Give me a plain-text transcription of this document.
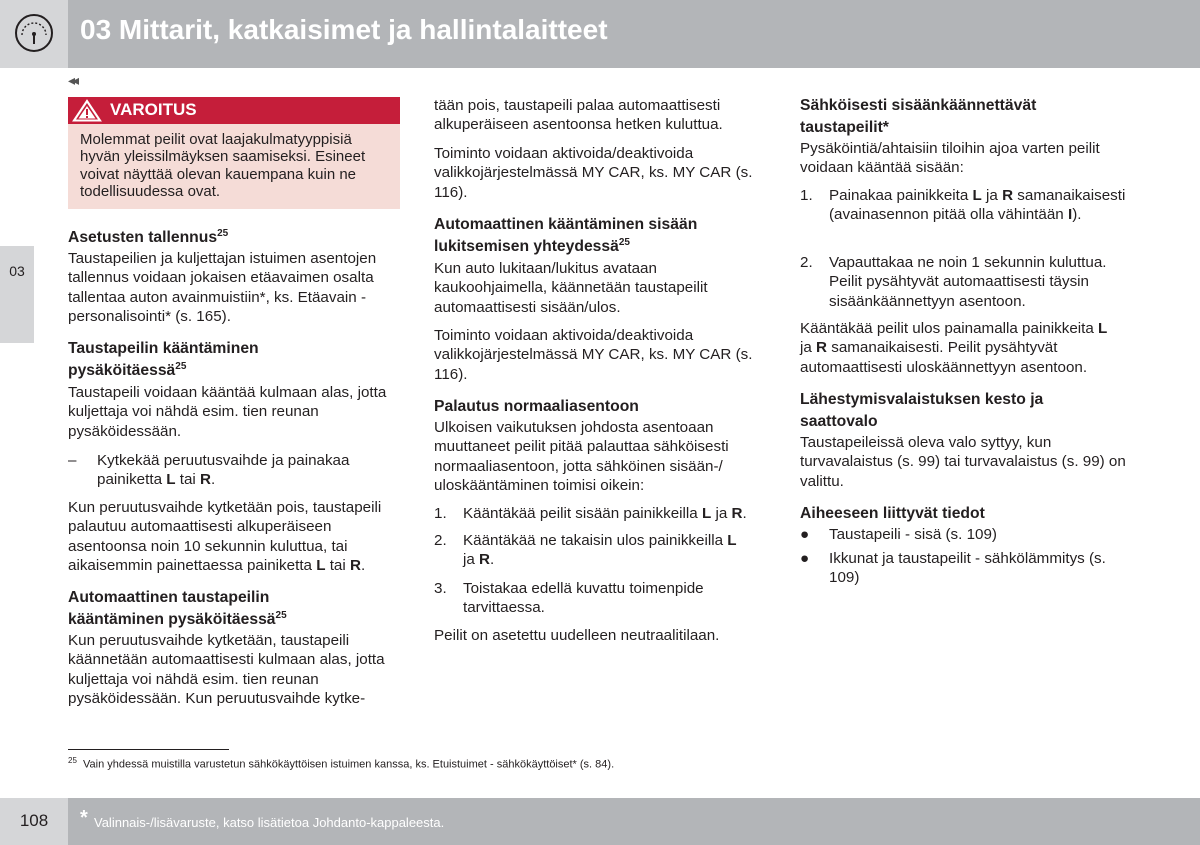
03 Mittarit, katkaisimet ja hallintalaitteet
03
◂◂
VAROITUS
Molemmat peilit ovat laajakulmatyyppisiä hyvän yleissilmäyksen saamiseksi. Esineet voivat näyttää olevan kauempana kuin ne todellisuudessa ovat.
Asetusten tallennus$^{25}$

Taustapeilien ja kuljettajan istuimen asentojen tallennus voidaan jokaisen etäavaimen osalta tallentaa auton avainmuistiin*, ks. Etäavain - personalisointi* (s. 165).

Taustapeilin kääntäminen
pysäköitäessä$^{25}$

Taustapeili voidaan kääntää kulmaan alas, jotta kuljettaja voi nähdä esim. tien reunan pysäköidessään.

– Kytkekää peruutusvaihde ja painakaa painiketta L tai R.

Kun peruutusvaihde kytketään pois, taustapeili palautuu automaattisesti alkuperäiseen asentoonsa noin 10 sekunnin kuluttua, tai aikaisemmin painettaessa painiketta L tai R.

Automaattinen taustapeilin
kääntäminen pysäköitäessä$^{25}$

Kun peruutusvaihde kytketään, taustapeili käännetään automaattisesti kulmaan alas, jotta kuljettaja voi nähdä esim. tien reunan pysäköidessään. Kun peruutusvaihde kytke-

tään pois, taustapeili palaa automaattisesti alkuperäiseen asentoonsa hetken kuluttua.

Toiminto voidaan aktivoida/deaktivoida valikkojärjestelmässä MY CAR, ks. MY CAR (s. 116).

Automaattinen kääntäminen sisään
lukitsemisen yhteydessä$^{25}$

Kun auto lukitaan/lukitus avataan kaukoohjaimella, käännetään taustapeilit automaattisesti sisään/ulos.

Toiminto voidaan aktivoida/deaktivoida valikkojärjestelmässä MY CAR, ks. MY CAR (s. 116).

Palautus normaaliasentoon

Ulkoisen vaikutuksen johdosta asentoaan muuttaneet peilit pitää palauttaa sähköisesti normaaliasentoon, jotta sähköinen sisään-/ uloskääntäminen toimisi oikein:

1. Kääntäkää peilit sisään painikkeilla L ja R.
2. Kääntäkää ne takaisin ulos painikkeilla L
ja R.
3. Toistakaa edellä kuvattu toimenpide tarvittaessa.

Peilit on asetettu uudelleen neutraalitilaan.

Sähköisesti sisäänkäännettävät
taustapeilit*

Pysäköintiä/ahtaisiin tiloihin ajoa varten peilit voidaan kääntää sisään:

1. Painakaa painikkeita L ja R samanaikaisesti (avainasennon pitää olla vähintään I).
2. Vapauttakaa ne noin 1 sekunnin kuluttua. Peilit pysähtyvät automaattisesti täysin sisäänkäännettyyn asentoon.

Kääntäkää peilit ulos painamalla painikkeita L
ja R samanaikaisesti. Peilit pysähtyvät automaattisesti uloskäännettyyn asentoon.

Lähestymisvalaistuksen kesto ja
saattovalo

Taustapeileissä oleva valo syttyy, kun turvavalaistus (s. 99) tai turvavalaistus (s. 99) on valittu.

Aiheeseen liittyvät tiedot
● Taustapeili - sisä (s. 109)
● Ikkunat ja taustapeilit - sähkölämmitys (s. 109)
$^{25}$ Vain yhdessä muistilla varustetun sähkökäyttöisen istuimen kanssa, ks. Etuistuimet - sähkökäyttöiset* (s. 84).
108	* Valinnais-/lisävaruste, katso lisätietoa Johdanto-kappaleesta.
